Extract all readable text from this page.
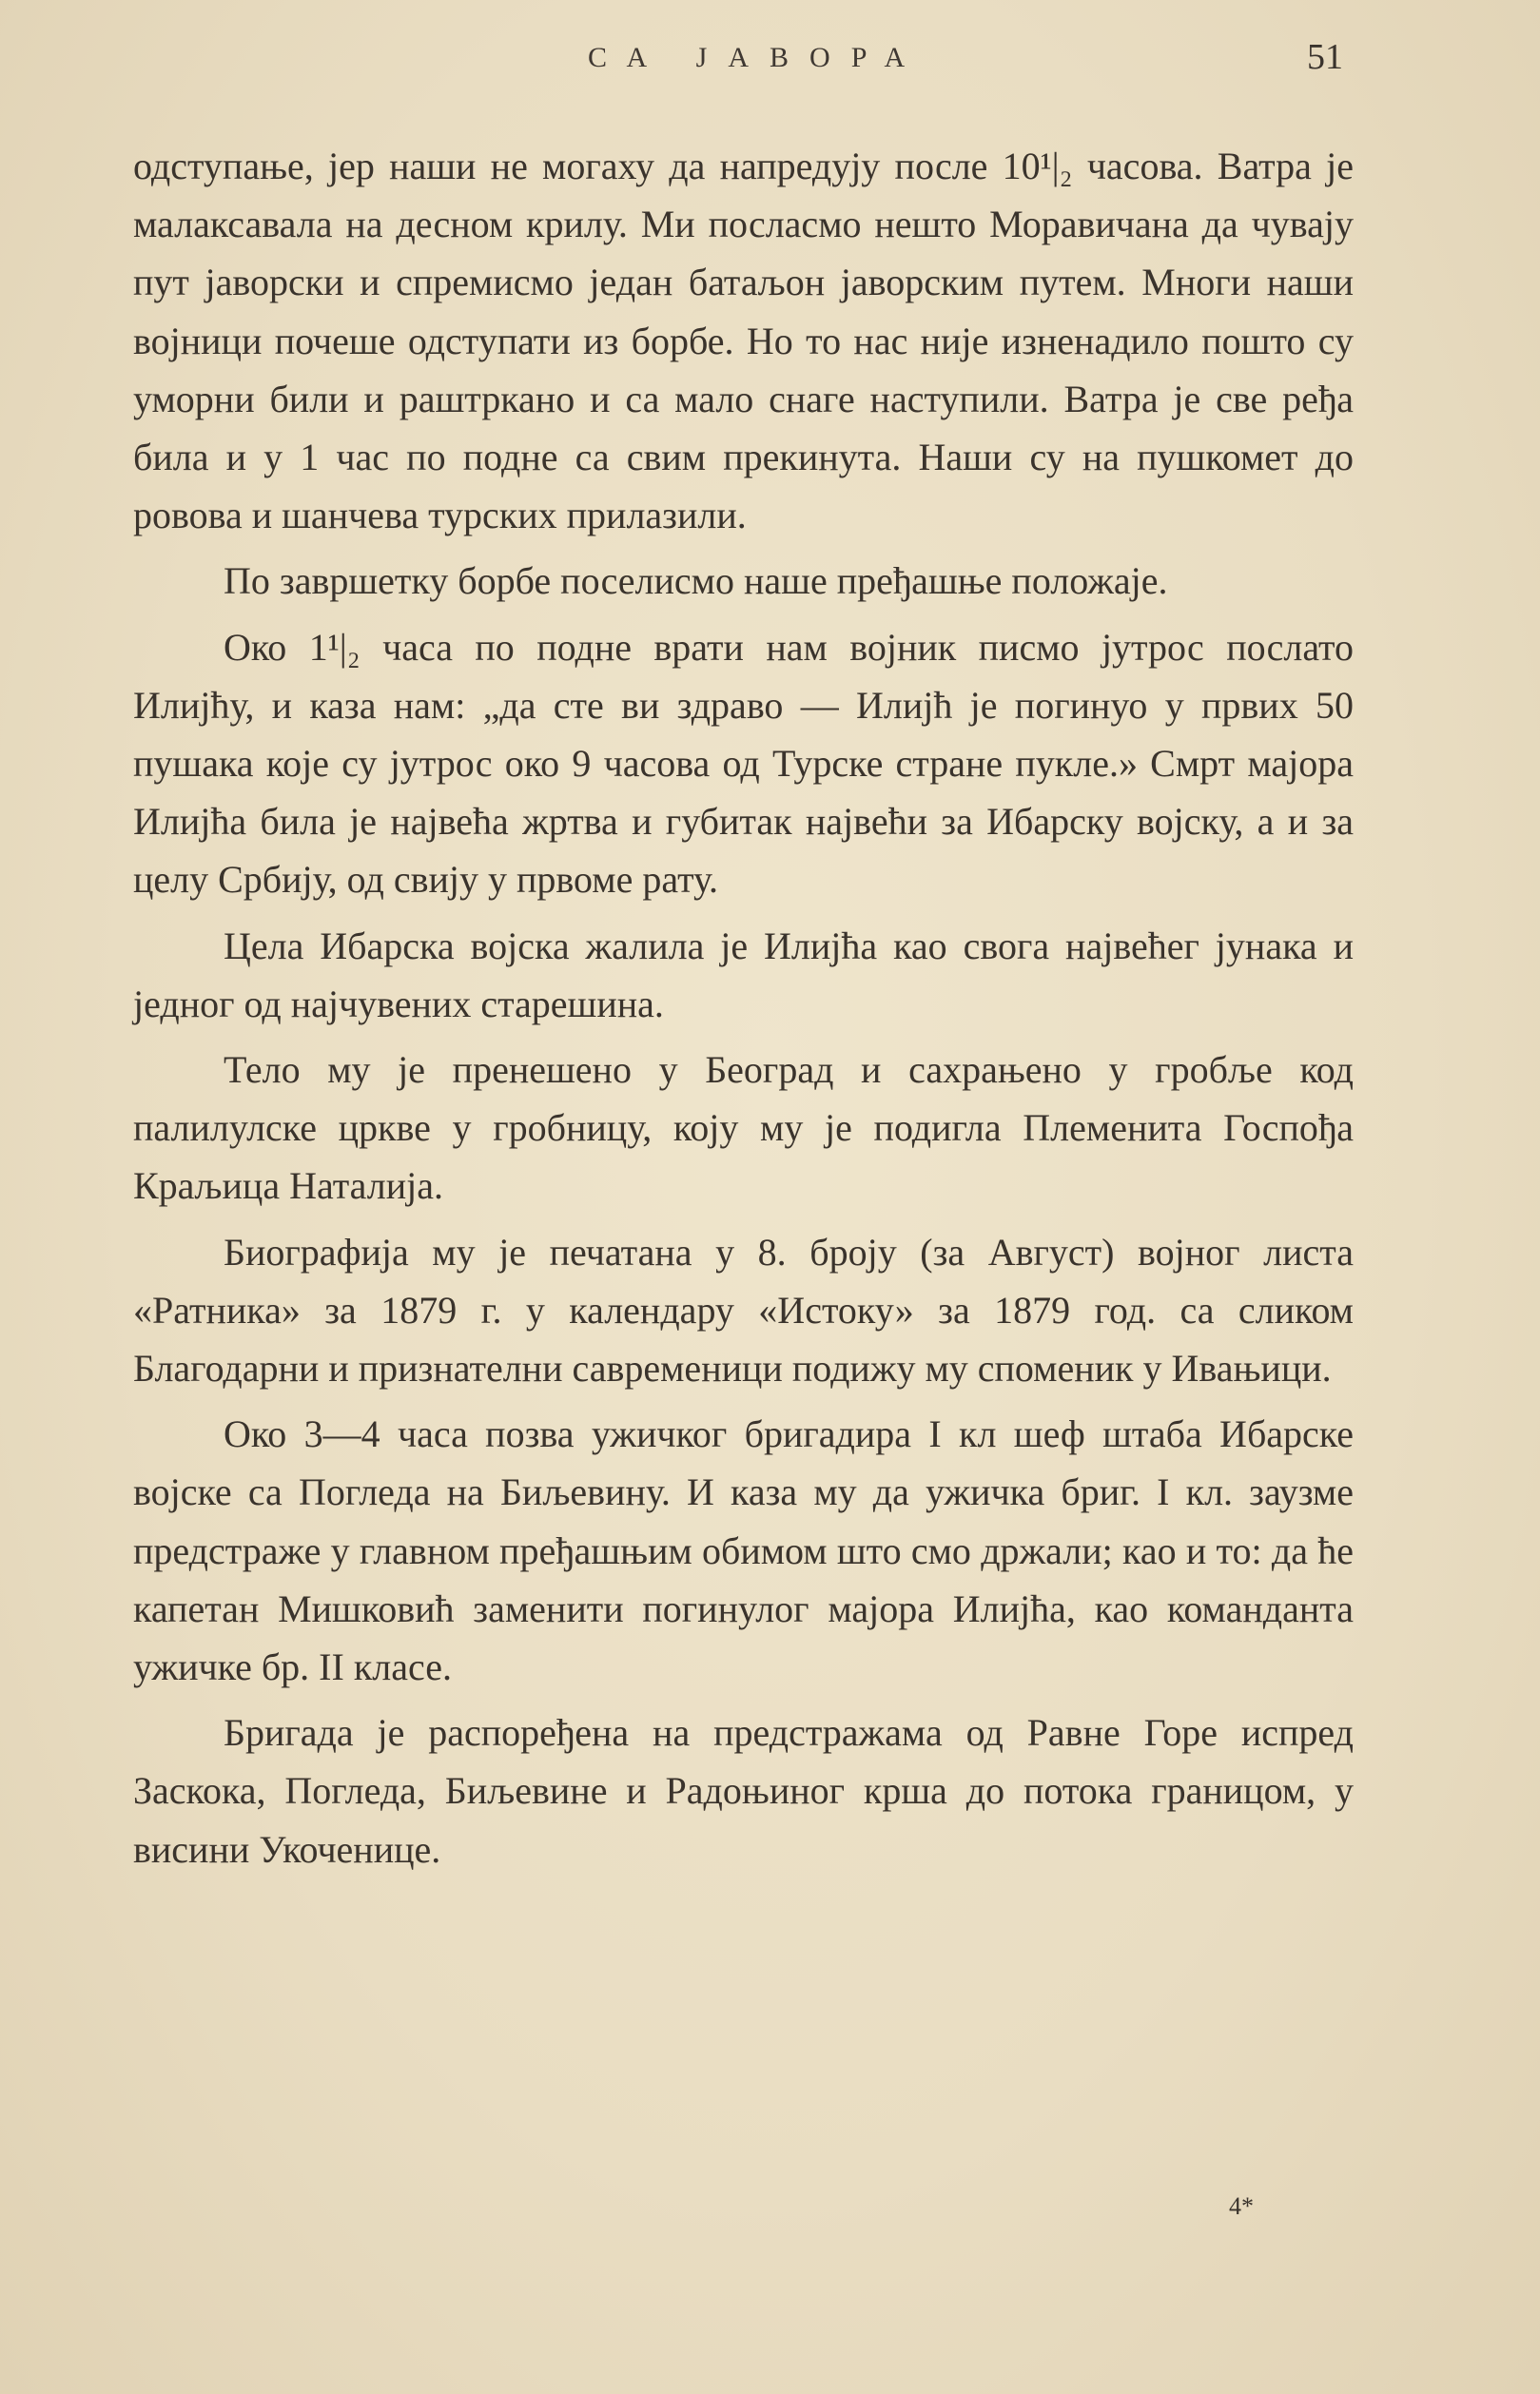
СА ЈАВОРА	51

одступање, јер наши не могаху да напредују после 10¹|₂ часова. Ватра је малаксавала на десном крилу. Ми посласмо нешто Моравичана да чувају пут јаворски и спремисмо један батаљон јаворским путем. Многи наши војници почеше одступати из борбе. Но то нас није изненадило пошто су уморни били и раштркано и са мало снаге наступили. Ватра је све ређа била и у 1 час по подне са свим прекинута. Наши су на пушкомет до ровова и шанчева турских прилазили.

По завршетку борбе поселисмо наше пређашње положаје.

Око 1¹|₂ часа по подне врати нам војник писмо јутрос послато Илијћу, и каза нам: „да сте ви здраво — Илијћ је погинуо у првих 50 пушака које су јутрос око 9 часова од Турске стране пукле.» Смрт мајора Илијћа била је највећа жртва и губитак највећи за Ибарску војску, а и за целу Србију, од свију у првоме рату.

Цела Ибарска војска жалила је Илијћа као свога највећег јунака и једног од најчувених старешина.

Тело му је пренешено у Београд и сахрањено у гробље код палилулске цркве у гробницу, коју му је подигла Племенита Госпођа Краљица Наталија.

Биографија му је печатана у 8. броју (за Август) војног листа «Ратника» за 1879 г. у календару «Истоку» за 1879 год. са сликом Благодарни и признателни савременици подижу му споменик у Ивањици.

Око 3—4 часа позва ужичког бригадира I кл шеф штаба Ибарске војске са Погледа на Биљевину. И каза му да ужичка бриг. I кл. заузме предстраже у главном пређашњим обимом што смо држали; као и то: да ће капетан Мишковић заменити погинулог мајора Илијћа, као команданта ужичке бр. II класе.

Бригада је распоређена на предстражама од Равне Горе испред Заскока, Погледа, Биљевине и Радоњиног крша до потока границом, у висини Укоченице.

4*
